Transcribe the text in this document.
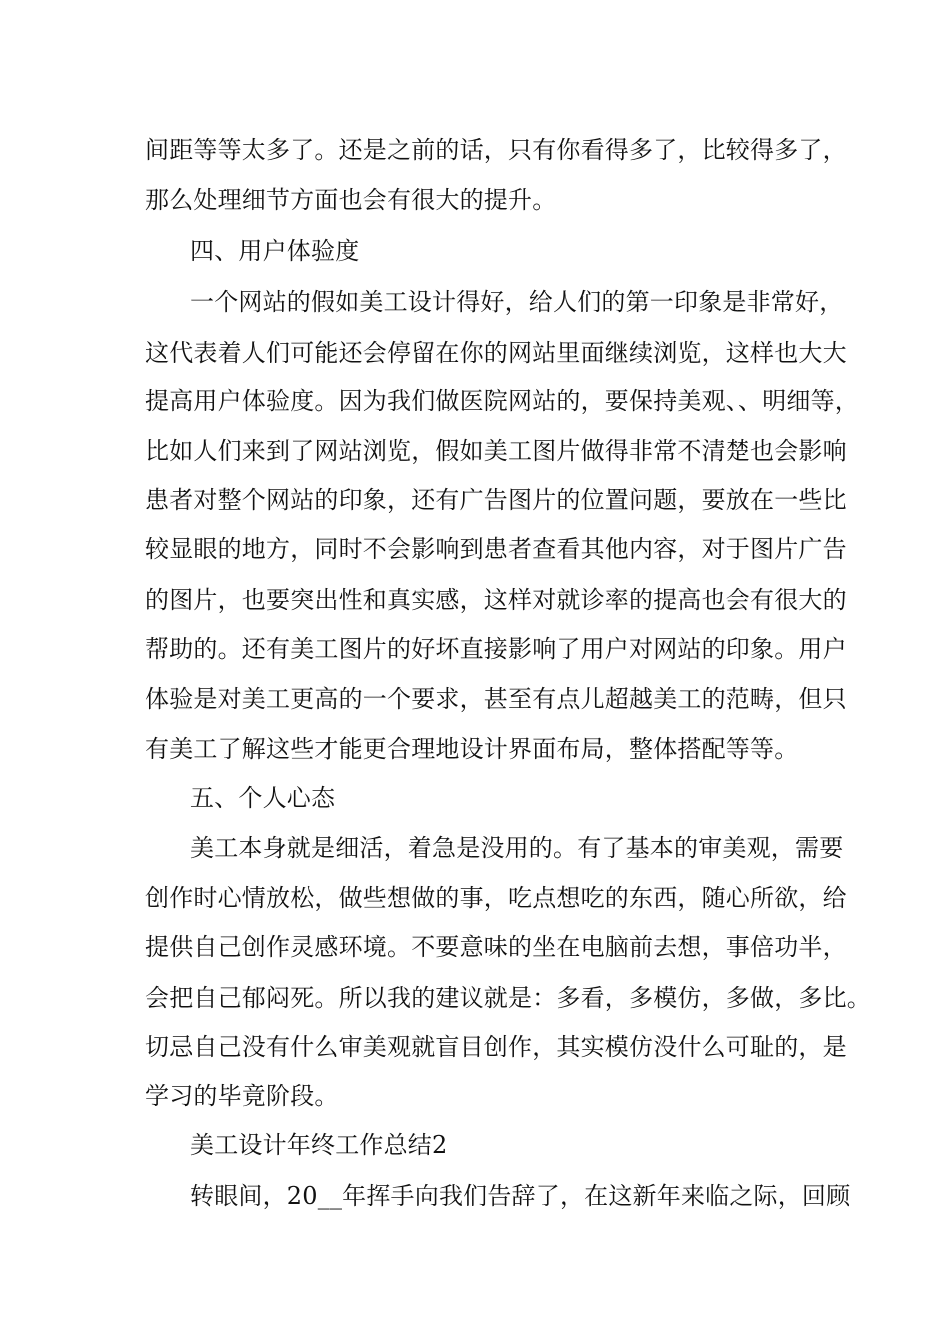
间距等等太多了。还是之前的话，只有你看得多了，比较得多了，
那么处理细节方面也会有很大的提升。
四、用户体验度
一个网站的假如美工设计得好，给人们的第一印象是非常好，
这代表着人们可能还会停留在你的网站里面继续浏览，这样也大大
提高用户体验度。因为我们做医院网站的，要保持美观、、明细等，
比如人们来到了网站浏览，假如美工图片做得非常不清楚也会影响
患者对整个网站的印象，还有广告图片的位置问题，要放在一些比
较显眼的地方，同时不会影响到患者查看其他内容，对于图片广告
的图片，也要突出性和真实感，这样对就诊率的提高也会有很大的
帮助的。还有美工图片的好坏直接影响了用户对网站的印象。用户
体验是对美工更高的一个要求，甚至有点儿超越美工的范畴，但只
有美工了解这些才能更合理地设计界面布局，整体搭配等等。
五、个人心态
美工本身就是细活，着急是没用的。有了基本的审美观，需要
创作时心情放松，做些想做的事，吃点想吃的东西，随心所欲，给
提供自己创作灵感环境。不要意味的坐在电脑前去想，事倍功半，
会把自己郁闷死。所以我的建议就是：多看，多模仿，多做，多比。
切忌自己没有什么审美观就盲目创作，其实模仿没什么可耻的，是
学习的毕竟阶段。
美工设计年终工作总结2
转眼间，20__年挥手向我们告辞了，在这新年来临之际，回顾
